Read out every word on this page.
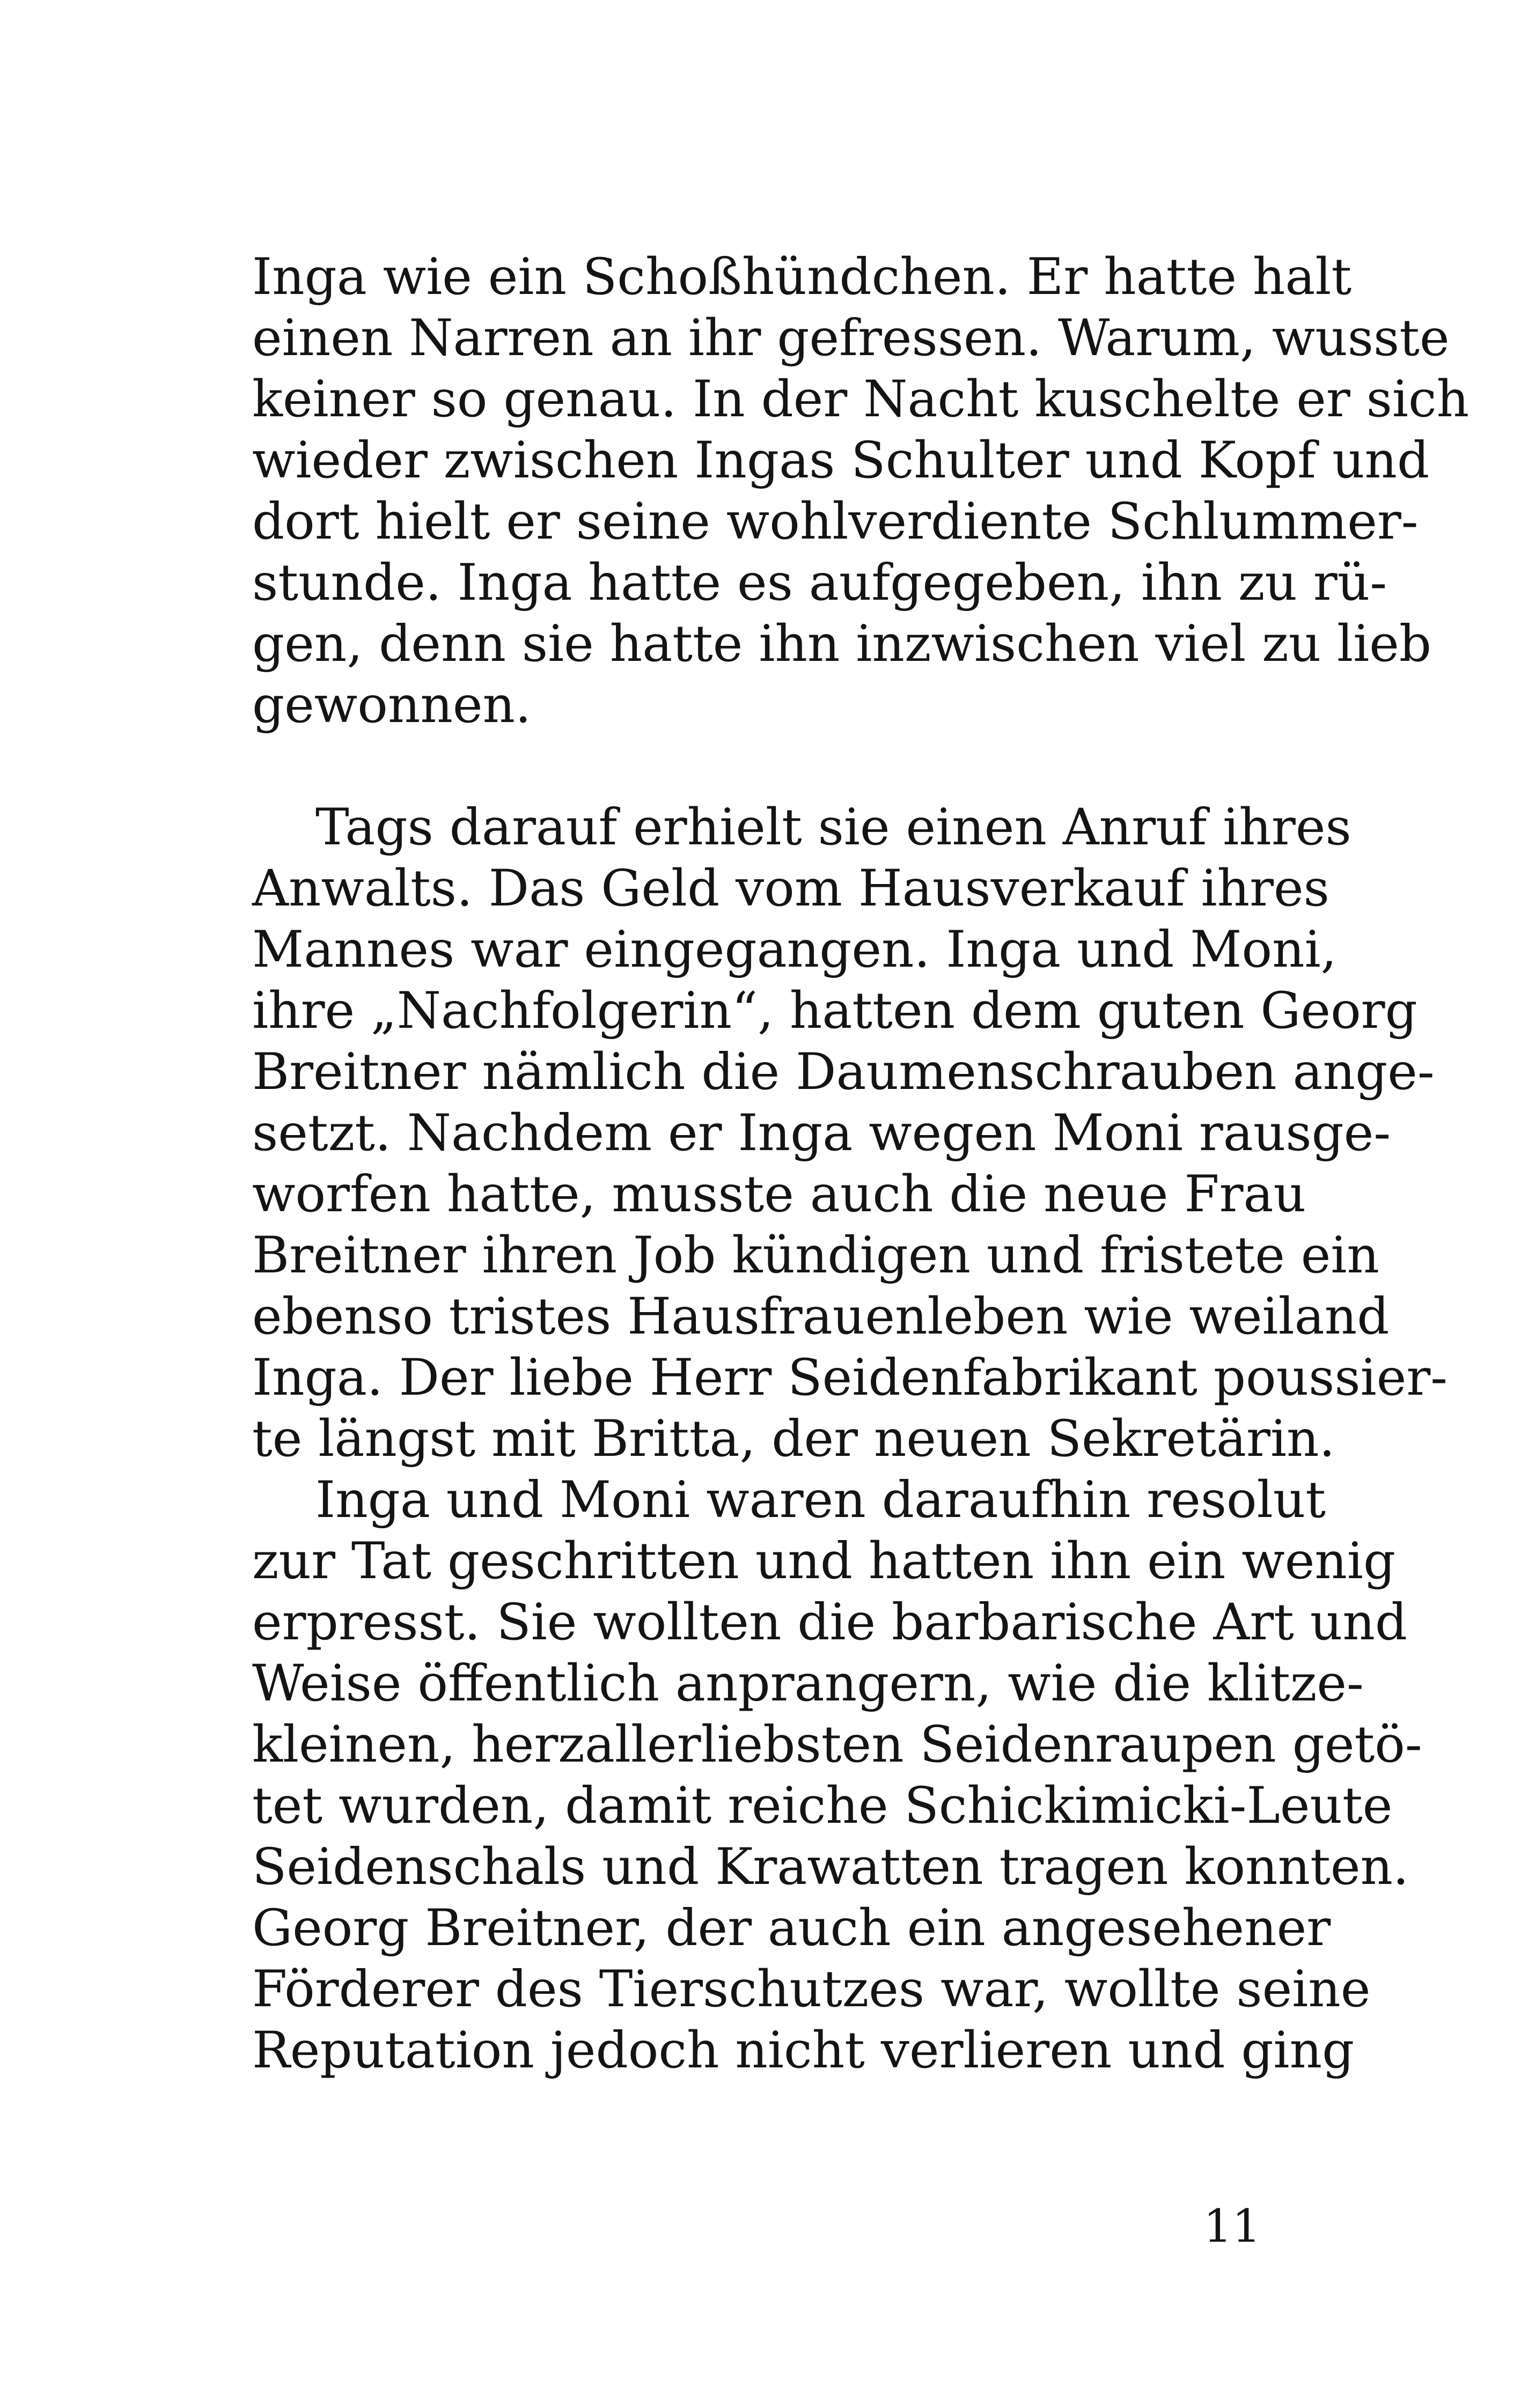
Inga wie ein Schoßhündchen. Er hatte halt
einen Narren an ihr gefressen. Warum, wusste
keiner so genau. In der Nacht kuschelte er sich
wieder zwischen Ingas Schulter und Kopf und
dort hielt er seine wohlverdiente Schlummer-
stunde. Inga hatte es aufgegeben, ihn zu rü-
gen, denn sie hatte ihn inzwischen viel zu lieb
gewonnen.
Tags darauf erhielt sie einen Anruf ihres
Anwalts. Das Geld vom Hausverkauf ihres
Mannes war eingegangen. Inga und Moni,
ihre „Nachfolgerin“, hatten dem guten Georg
Breitner nämlich die Daumenschrauben ange-
setzt. Nachdem er Inga wegen Moni rausge-
worfen hatte, musste auch die neue Frau
Breitner ihren Job kündigen und fristete ein
ebenso tristes Hausfrauenleben wie weiland
Inga. Der liebe Herr Seidenfabrikant poussier-
te längst mit Britta, der neuen Sekretärin.
Inga und Moni waren daraufhin resolut
zur Tat geschritten und hatten ihn ein wenig
erpresst. Sie wollten die barbarische Art und
Weise öffentlich anprangern, wie die klitze-
kleinen, herzallerliebsten Seidenraupen getö-
tet wurden, damit reiche Schickimicki-Leute
Seidenschals und Krawatten tragen konnten.
Georg Breitner, der auch ein angesehener
Förderer des Tierschutzes war, wollte seine
Reputation jedoch nicht verlieren und ging
11
